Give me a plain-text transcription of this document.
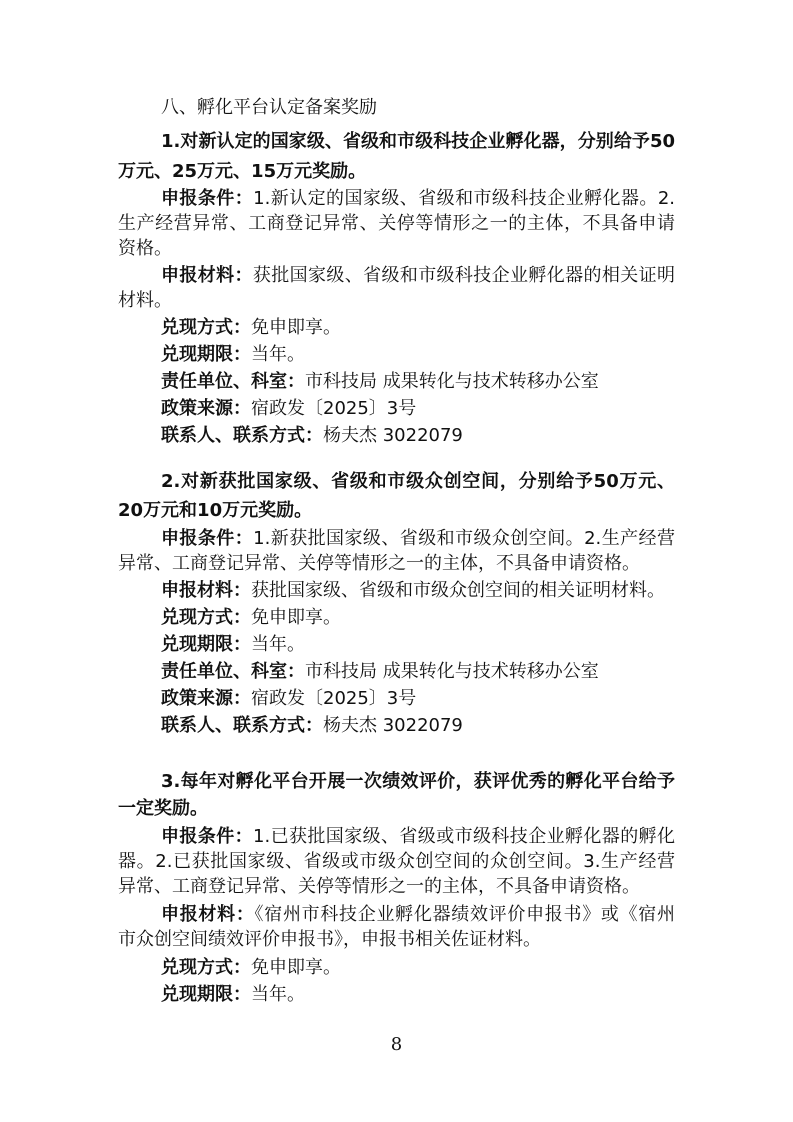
八、孵化平台认定备案奖励
1.对新认定的国家级、省级和市级科技企业孵化器，分别给予50
万元、25万元、15万元奖励。
申报条件：1.新认定的国家级、省级和市级科技企业孵化器。2.
生产经营异常、工商登记异常、关停等情形之一的主体，不具备申请
资格。
申报材料：获批国家级、省级和市级科技企业孵化器的相关证明
材料。
兑现方式：免申即享。
兑现期限：当年。
责任单位、科室：市科技局 成果转化与技术转移办公室
政策来源：宿政发〔2025〕3号
联系人、联系方式：杨夫杰 3022079
2.对新获批国家级、省级和市级众创空间，分别给予50万元、
20万元和10万元奖励。
申报条件：1.新获批国家级、省级和市级众创空间。2.生产经营
异常、工商登记异常、关停等情形之一的主体，不具备申请资格。
申报材料：获批国家级、省级和市级众创空间的相关证明材料。
兑现方式：免申即享。
兑现期限：当年。
责任单位、科室：市科技局 成果转化与技术转移办公室
政策来源：宿政发〔2025〕3号
联系人、联系方式：杨夫杰 3022079
3.每年对孵化平台开展一次绩效评价，获评优秀的孵化平台给予
一定奖励。
申报条件：1.已获批国家级、省级或市级科技企业孵化器的孵化
器。2.已获批国家级、省级或市级众创空间的众创空间。3.生产经营
异常、工商登记异常、关停等情形之一的主体，不具备申请资格。
申报材料：《宿州市科技企业孵化器绩效评价申报书》或《宿州
市众创空间绩效评价申报书》，申报书相关佐证材料。
兑现方式：免申即享。
兑现期限：当年。
8
